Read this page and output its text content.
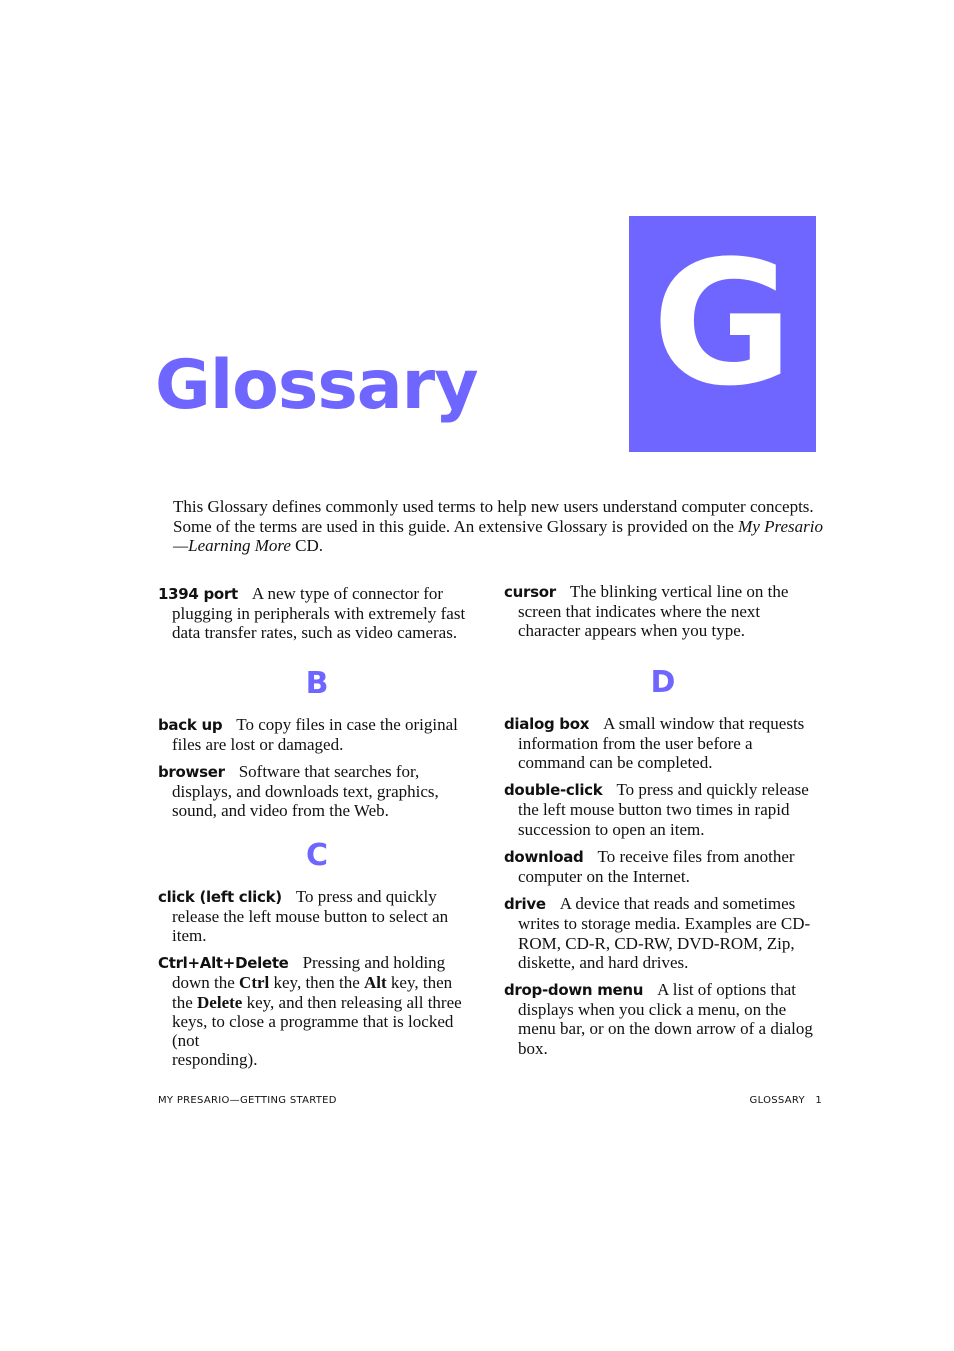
G
Glossary

This Glossary defines commonly used terms to help new users understand computer concepts. Some of the terms are used in this guide. An extensive Glossary is provided on the My Presario—Learning More CD.

1394 port A new type of connector for plugging in peripherals with extremely fast data transfer rates, such as video cameras.

B

back up To copy files in case the original files are lost or damaged.

browser Software that searches for, displays, and downloads text, graphics, sound, and video from the Web.

C

click (left click) To press and quickly release the left mouse button to select an item.

Ctrl+Alt+Delete Pressing and holding down the Ctrl key, then the Alt key, then the Delete key, and then releasing all three keys, to close a programme that is locked (not
responding).

cursor The blinking vertical line on the screen that indicates where the next character appears when you type.

D

dialog box A small window that requests information from the user before a command can be completed.

double-click To press and quickly release the left mouse button two times in rapid succession to open an item.

download To receive files from another computer on the Internet.

drive A device that reads and sometimes writes to storage media. Examples are CD-ROM, CD-R, CD-RW, DVD-ROM, Zip, diskette, and hard drives.

drop-down menu A list of options that displays when you click a menu, on the menu bar, or on the down arrow of a dialog box.

MY PRESARIO—GETTING STARTED	GLOSSARY   1
